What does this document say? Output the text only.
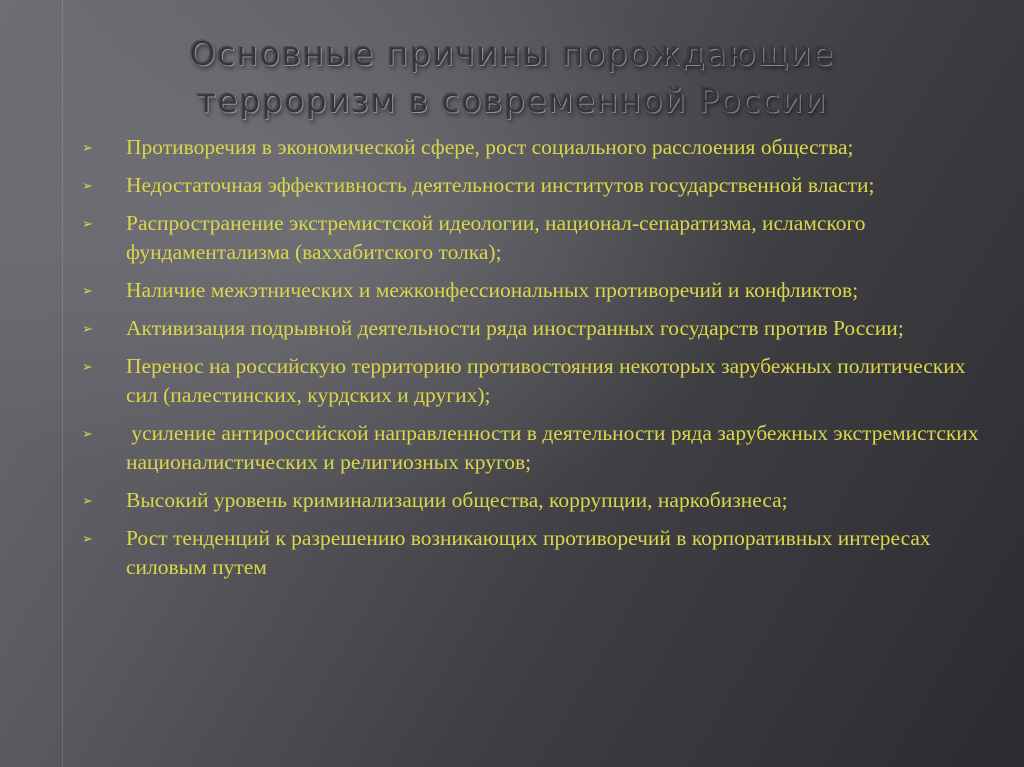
Основные причины порождающие
терроризм в современной России
➢ Противоречия в экономической сфере, рост социального расслоения общества;
➢ Недостаточная эффективность деятельности институтов государственной власти;
➢ Распространение экстремистской идеологии, национал-сепаратизма, исламского фундаментализма (ваххабитского толка);
➢ Наличие межэтнических и межконфессиональных противоречий и конфликтов;
➢ Активизация подрывной деятельности ряда иностранных государств против России;
➢ Перенос на российскую территорию противостояния некоторых зарубежных политических сил (палестинских, курдских и других);
➢ усиление антироссийской направленности в деятельности ряда зарубежных экстремистских националистических и религиозных кругов;
➢ Высокий уровень криминализации общества, коррупции, наркобизнеса;
➢ Рост тенденций к разрешению возникающих противоречий в корпоративных интересах силовым путем
